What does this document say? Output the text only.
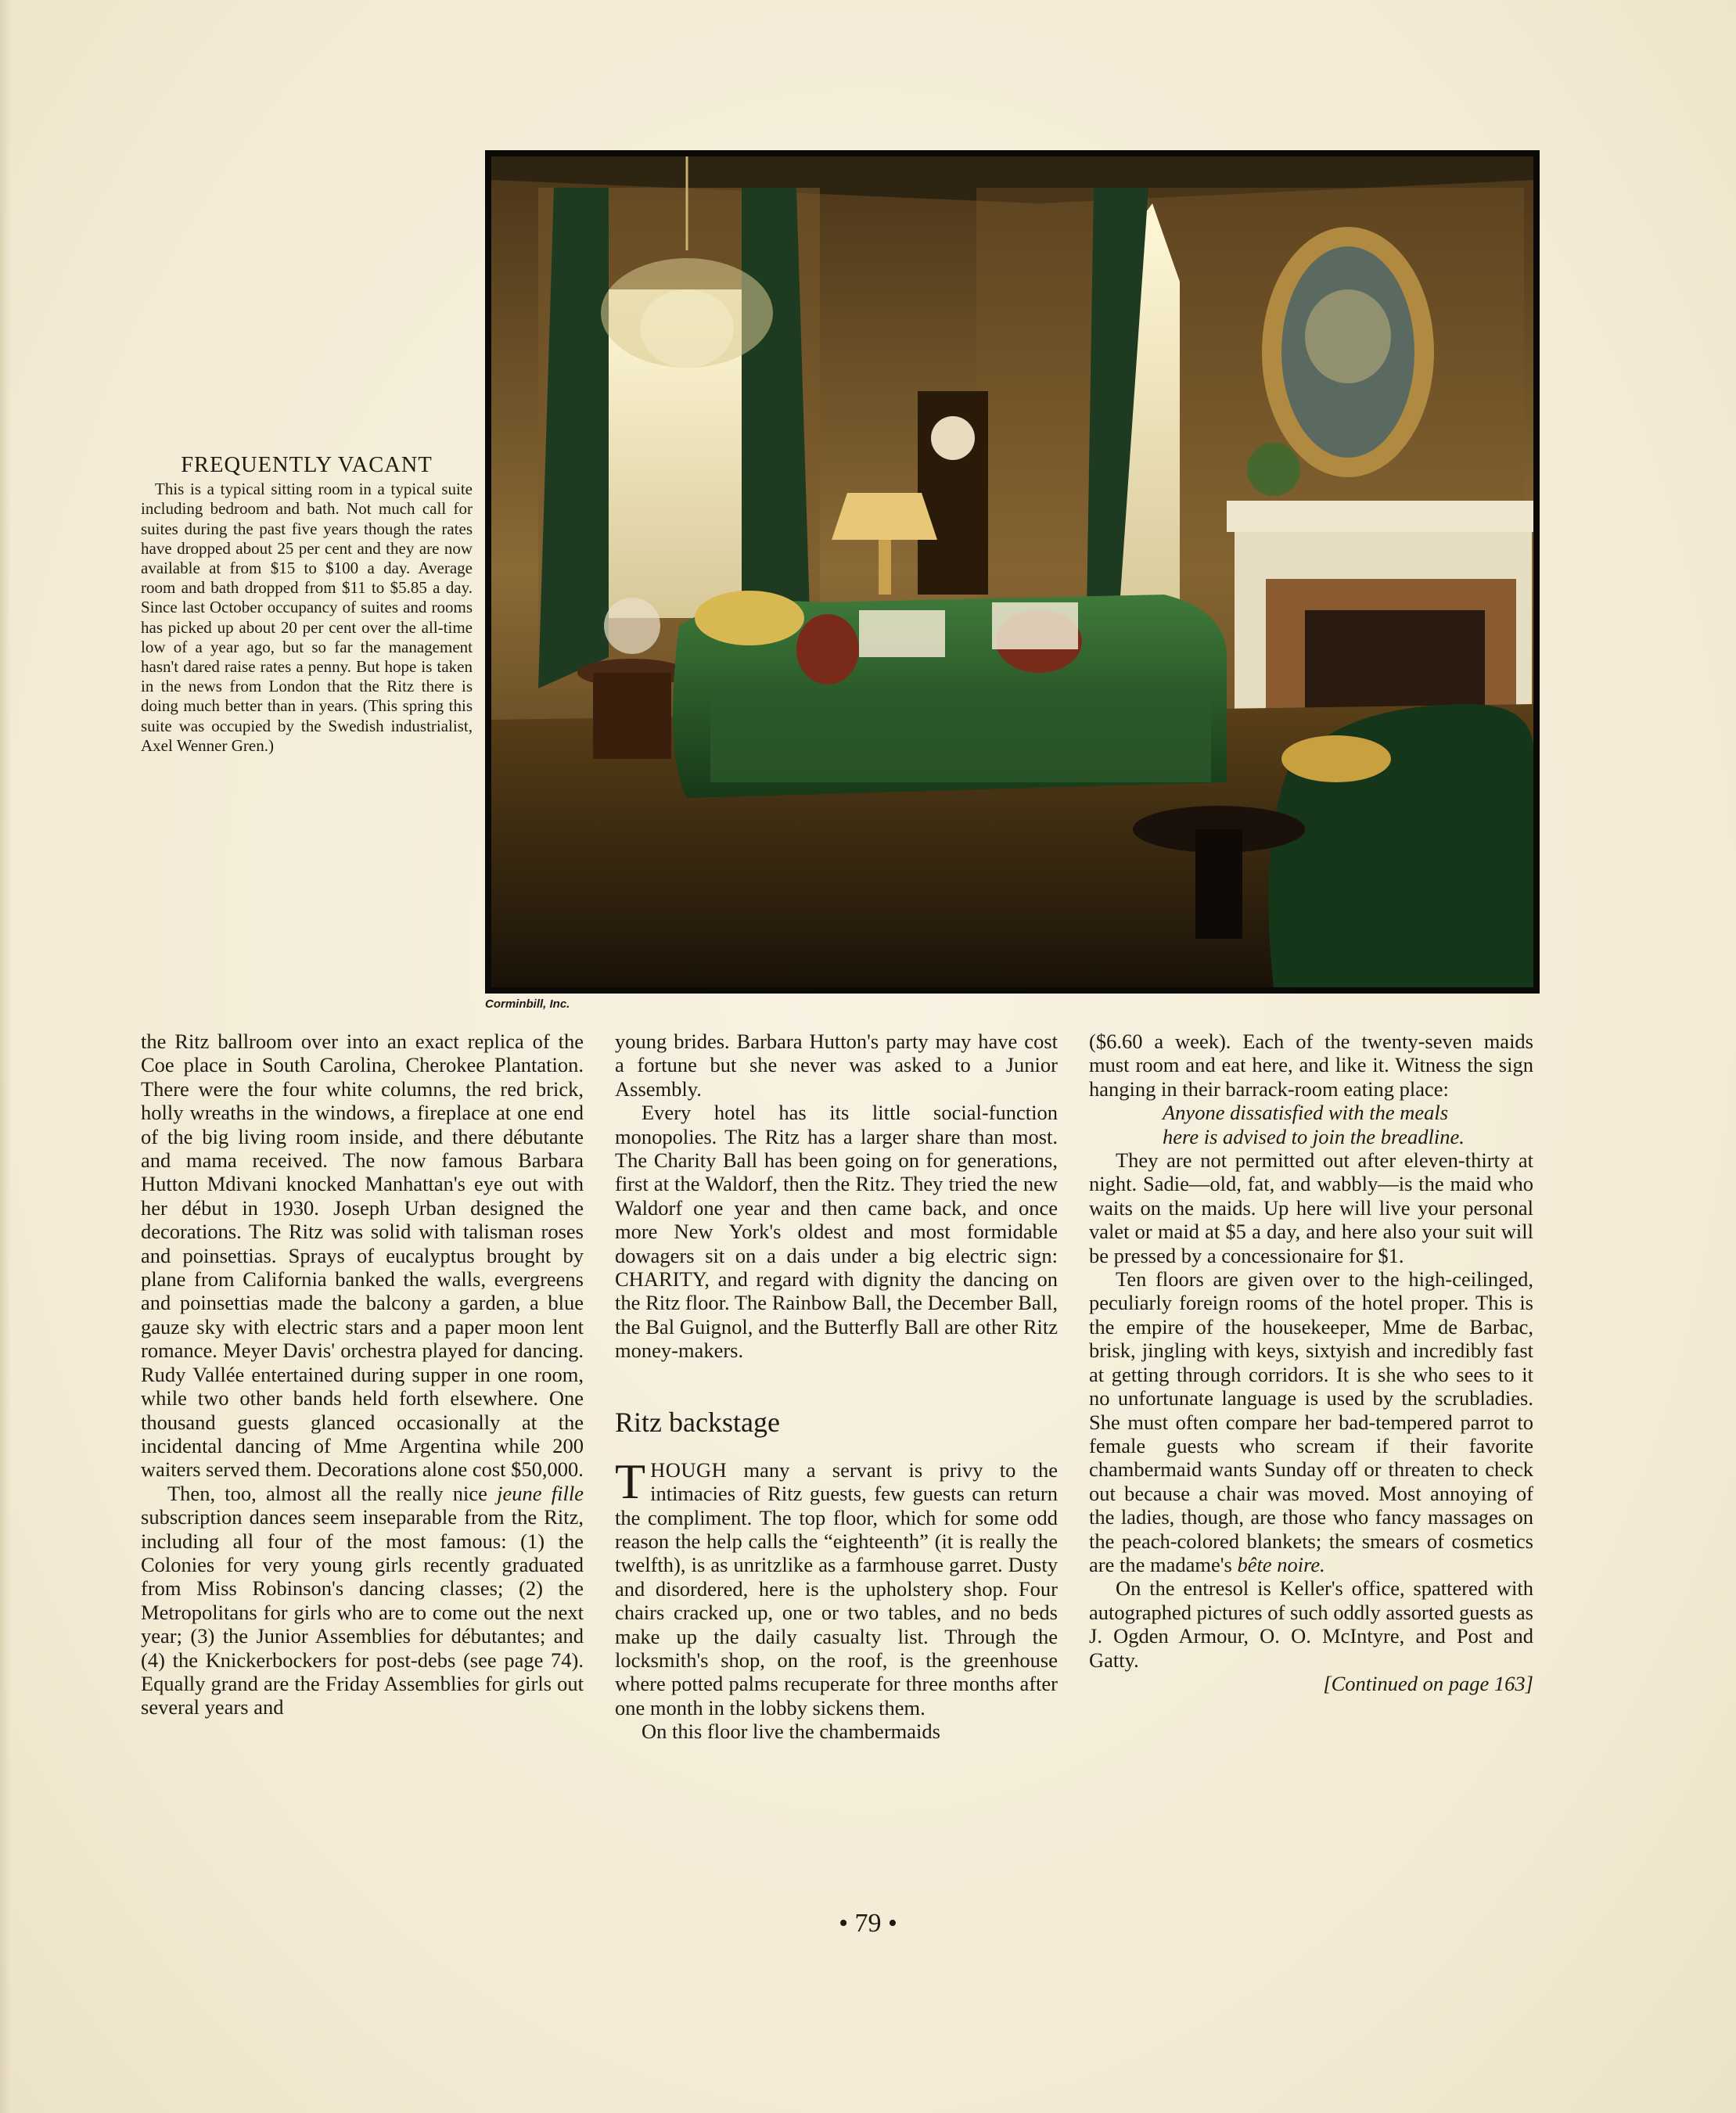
FREQUENTLY VACANT
This is a typical sitting room in a typical suite including bedroom and bath. Not much call for suites during the past five years though the rates have dropped about 25 per cent and they are now available at from $15 to $100 a day. Average room and bath dropped from $11 to $5.85 a day. Since last October occupancy of suites and rooms has picked up about 20 per cent over the all-time low of a year ago, but so far the management hasn't dared raise rates a penny. But hope is taken in the news from London that the Ritz there is doing much better than in years. (This spring this suite was occupied by the Swedish industrialist, Axel Wenner Gren.)
Corminbill, Inc.

the Ritz ballroom over into an exact replica of the Coe place in South Carolina, Cherokee Plantation. There were the four white columns, the red brick, holly wreaths in the windows, a fireplace at one end of the big living room inside, and there débutante and mama received. The now famous Barbara Hutton Mdivani knocked Manhattan's eye out with her début in 1930. Joseph Urban designed the decorations. The Ritz was solid with talisman roses and poinsettias. Sprays of eucalyptus brought by plane from California banked the walls, evergreens and poinsettias made the balcony a garden, a blue gauze sky with electric stars and a paper moon lent romance. Meyer Davis' orchestra played for dancing. Rudy Vallée entertained during supper in one room, while two other bands held forth elsewhere. One thousand guests glanced occasionally at the incidental dancing of Mme Argentina while 200 waiters served them. Decorations alone cost $50,000.

Then, too, almost all the really nice jeune fille subscription dances seem inseparable from the Ritz, including all four of the most famous: (1) the Colonies for very young girls recently graduated from Miss Robinson's dancing classes; (2) the Metropolitans for girls who are to come out the next year; (3) the Junior Assemblies for débutantes; and (4) the Knickerbockers for post-debs (see page 74). Equally grand are the Friday Assemblies for girls out several years and

young brides. Barbara Hutton's party may have cost a fortune but she never was asked to a Junior Assembly.

Every hotel has its little social-function monopolies. The Ritz has a larger share than most. The Charity Ball has been going on for generations, first at the Waldorf, then the Ritz. They tried the new Waldorf one year and then came back, and once more New York's oldest and most formidable dowagers sit on a dais under a big electric sign: CHARITY, and regard with dignity the dancing on the Ritz floor. The Rainbow Ball, the December Ball, the Bal Guignol, and the Butterfly Ball are other Ritz money-makers.

Ritz backstage

THOUGH many a servant is privy to the intimacies of Ritz guests, few guests can return the compliment. The top floor, which for some odd reason the help calls the “eighteenth” (it is really the twelfth), is as unritzlike as a farmhouse garret. Dusty and disordered, here is the upholstery shop. Four chairs cracked up, one or two tables, and no beds make up the daily casualty list. Through the locksmith's shop, on the roof, is the greenhouse where potted palms recuperate for three months after one month in the lobby sickens them.

On this floor live the chambermaids

($6.60 a week). Each of the twenty-seven maids must room and eat here, and like it. Witness the sign hanging in their barrack-room eating place:

Anyone dissatisfied with the meals here is advised to join the breadline.

They are not permitted out after eleven-thirty at night. Sadie—old, fat, and wabbly—is the maid who waits on the maids. Up here will live your personal valet or maid at $5 a day, and here also your suit will be pressed by a concessionaire for $1.

Ten floors are given over to the high-ceilinged, peculiarly foreign rooms of the hotel proper. This is the empire of the housekeeper, Mme de Barbac, brisk, jingling with keys, sixtyish and incredibly fast at getting through corridors. It is she who sees to it no unfortunate language is used by the scrubladies. She must often compare her bad-tempered parrot to female guests who scream if their favorite chambermaid wants Sunday off or threaten to check out because a chair was moved. Most annoying of the ladies, though, are those who fancy massages on the peach-colored blankets; the smears of cosmetics are the madame's bête noire.

On the entresol is Keller's office, spattered with autographed pictures of such oddly assorted guests as J. Ogden Armour, O. O. McIntyre, and Post and Gatty.

[Continued on page 163]

• 79 •
